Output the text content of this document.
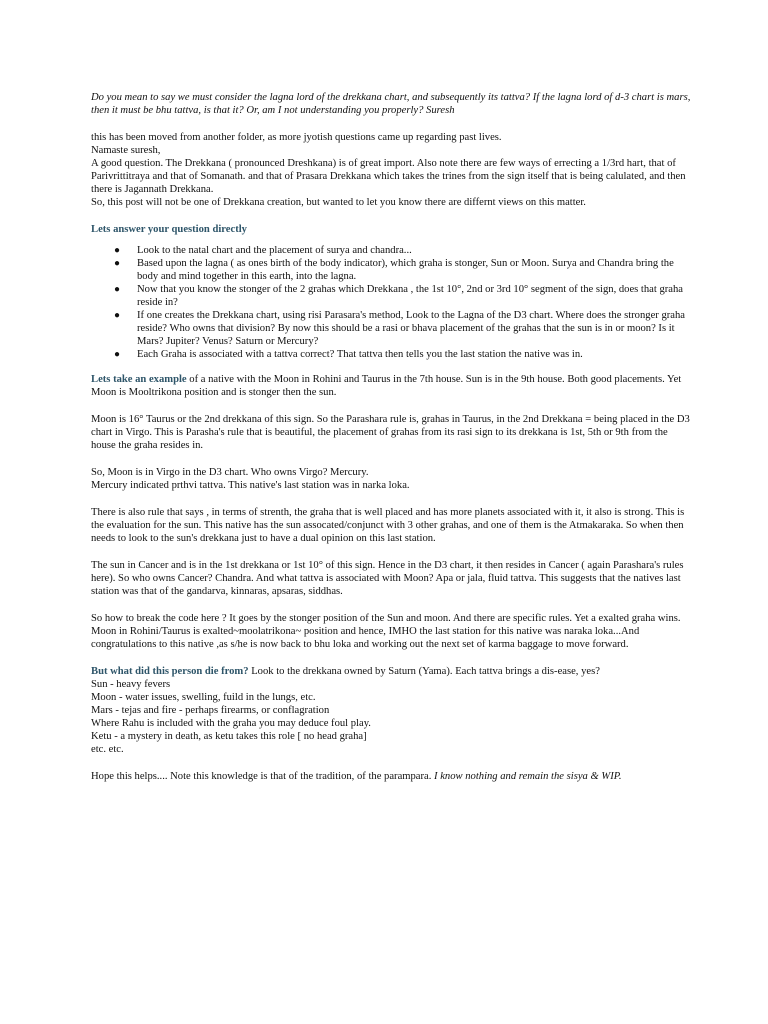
Do you mean to say we must consider the lagna lord of the drekkana chart, and subsequently its tattva? If the lagna lord of d-3 chart is mars, then it must be bhu tattva, is that it? Or, am I not understanding you properly? Suresh

this has been moved from another folder, as more jyotish questions came up regarding past lives.
Namaste suresh,
A good question. The Drekkana ( pronounced Dreshkana) is of great import. Also note there are few ways of errecting a 1/3rd hart, that of Parivrittitraya and that of Somanath. and that of Prasara Drekkana which takes the trines from the sign itself that is being calulated, and then there is Jagannath Drekkana.
So, this post will not be one of Drekkana creation, but wanted to let you know there are differnt views on this matter.

Lets answer your question directly

● Look to the natal chart and the placement of surya and chandra...
● Based upon the lagna ( as ones birth of the body indicator), which graha is stonger, Sun or Moon. Surya and Chandra bring the body and mind together in this earth, into the lagna.
● Now that you know the stonger of the 2 grahas which Drekkana , the 1st 10°, 2nd or 3rd 10° segment of the sign, does that graha reside in?
● If one creates the Drekkana chart, using risi Parasara's method, Look to the Lagna of the D3 chart. Where does the stronger graha reside? Who owns that division? By now this should be a rasi or bhava placement of the grahas that the sun is in or moon? Is it Mars? Jupiter? Venus? Saturn or Mercury?
● Each Graha is associated with a tattva correct? That tattva then tells you the last station the native was in.

Lets take an example of a native with the Moon in Rohini and Taurus in the 7th house. Sun is in the 9th house. Both good placements. Yet Moon is Mooltrikona position and is stonger then the sun.

Moon is 16° Taurus or the 2nd drekkana of this sign. So the Parashara rule is, grahas in Taurus, in the 2nd Drekkana = being placed in the D3 chart in Virgo. This is Parasha's rule that is beautiful, the placement of grahas from its rasi sign to its drekkana is 1st, 5th or 9th from the house the graha resides in.

So, Moon is in Virgo in the D3 chart. Who owns Virgo? Mercury.
Mercury indicated prthvi tattva. This native's last station was in narka loka.

There is also rule that says , in terms of strenth, the graha that is well placed and has more planets associated with it, it also is strong. This is the evaluation for the sun. This native has the sun assocated/conjunct with 3 other grahas, and one of them is the Atmakaraka. So when then needs to look to the sun's drekkana just to have a dual opinion on this last station.

The sun in Cancer and is in the 1st drekkana or 1st 10° of this sign. Hence in the D3 chart, it then resides in Cancer ( again Parashara's rules here). So who owns Cancer? Chandra. And what tattva is associated with Moon? Apa or jala, fluid tattva. This suggests that the natives last station was that of the gandarva, kinnaras, apsaras, siddhas.

So how to break the code here ? It goes by the stonger position of the Sun and moon. And there are specific rules. Yet a exalted graha wins.
Moon in Rohini/Taurus is exalted~moolatrikona~ position and hence, IMHO the last station for this native was naraka loka...And congratulations to this native ,as s/he is now back to bhu loka and working out the next set of karma baggage to move forward.
But what did this person die from? Look to the drekkana owned by Saturn (Yama). Each tattva brings a dis-ease, yes?
Sun - heavy fevers
Moon - water issues, swelling, fuild in the lungs, etc.
Mars - tejas and fire - perhaps firearms, or conflagration
Where Rahu is included with the graha you may deduce foul play.
Ketu - a mystery in death, as ketu takes this role [ no head graha]
etc. etc.

Hope this helps.... Note this knowledge is that of the tradition, of the parampara. I know nothing and remain the sisya & WIP.
